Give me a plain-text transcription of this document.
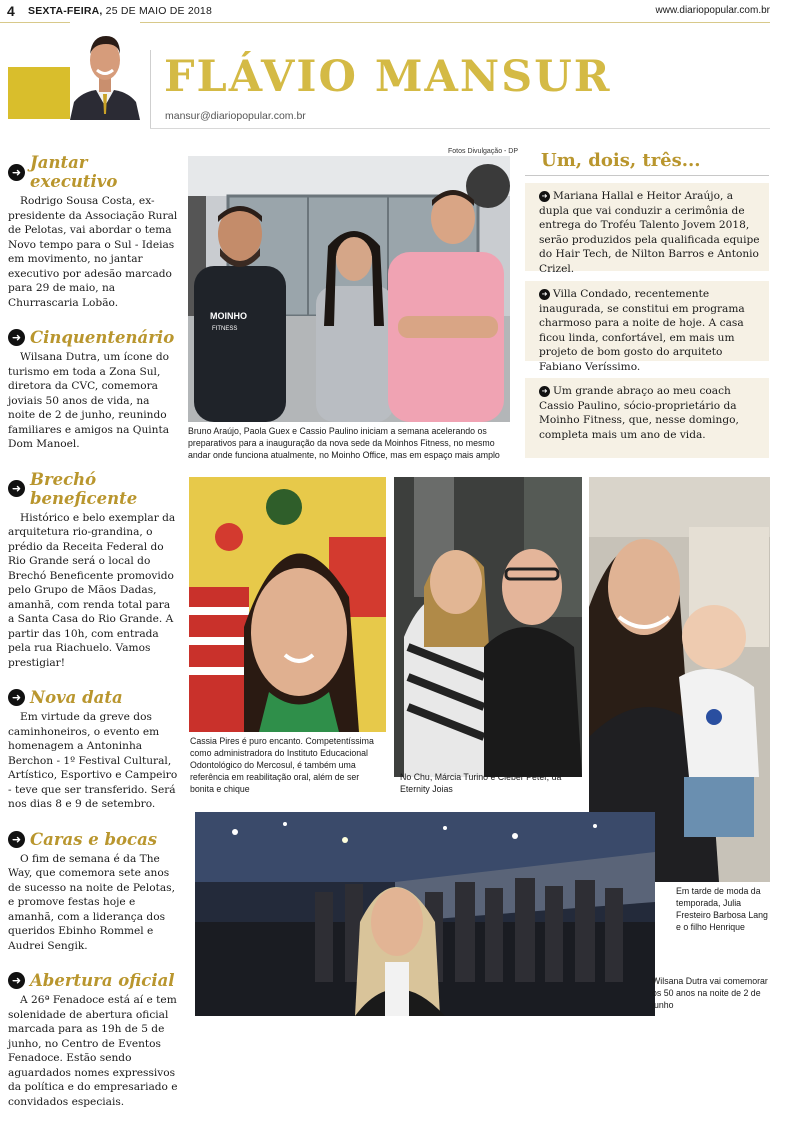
4 SEXTA-FEIRA, 25 DE MAIO DE 2018	www.diariopopular.com.br
FLÁVIO MANSUR
mansur@diariopopular.com.br
➜ Jantar executivo

Rodrigo Sousa Costa, ex-presidente da Associação Rural de Pelotas, vai abordar o tema Novo tempo para o Sul - Ideias em movimento, no jantar executivo por adesão marcado para 29 de maio, na Churrascaria Lobão.

➜ Cinquentenário

Wilsana Dutra, um ícone do turismo em toda a Zona Sul, diretora da CVC, comemora joviais 50 anos de vida, na noite de 2 de junho, reunindo familiares e amigos na Quinta Dom Manoel.

➜ Brechó beneficente

Histórico e belo exemplar da arquitetura rio-grandina, o prédio da Receita Federal do Rio Grande será o local do Brechó Beneficente promovido pelo Grupo de Mãos Dadas, amanhã, com renda total para a Santa Casa do Rio Grande. A partir das 10h, com entrada pela rua Riachuelo. Vamos prestigiar!

➜ Nova data

Em virtude da greve dos caminhoneiros, o evento em homenagem a Antoninha Berchon - 1º Festival Cultural, Artístico, Esportivo e Campeiro - teve que ser transferido. Será nos dias 8 e 9 de setembro.

➜ Caras e bocas

O fim de semana é da The Way, que comemora sete anos de sucesso na noite de Pelotas, e promove festas hoje e amanhã, com a liderança dos queridos Ebinho Rommel e Audrei Sengik.

➜ Abertura oficial

A 26ª Fenadoce está aí e tem solenidade de abertura oficial marcada para as 19h de 5 de junho, no Centro de Eventos Fenadoce. Estão sendo aguardados nomes expressivos da política e do empresariado e convidados especiais.

Fotos Divulgação - DP
MOINHO
FITNESS
Bruno Araújo, Paola Guex e Cassio Paulino iniciam a semana acelerando os preparativos para a inauguração da nova sede da Moinhos Fitness, no mesmo andar onde funciona atualmente, no Moinho Office, mas em espaço mais amplo
Um, dois, três...
➜ Mariana Hallal e Heitor Araújo, a dupla que vai conduzir a cerimônia de entrega do Troféu Talento Jovem 2018, serão produzidos pela qualificada equipe do Hair Tech, de Nilton Barros e Antonio Crizel.
➜ Villa Condado, recentemente inaugurada, se constitui em programa charmoso para a noite de hoje. A casa ficou linda, confortável, em mais um projeto de bom gosto do arquiteto Fabiano Veríssimo.
➜ Um grande abraço ao meu coach Cassio Paulino, sócio-proprietário da Moinho Fitness, que, nesse domingo, completa mais um ano de vida.
Cassia Pires é puro encanto. Competentíssima como administradora do Instituto Educacional Odontológico do Mercosul, é também uma referência em reabilitação oral, além de ser bonita e chique
No Chu, Márcia Turino e Cleber Peter, da Eternity Joias
Em tarde de moda da temporada, Julia Fresteiro Barbosa Lang e o filho Henrique
Wilsana Dutra vai comemorar os 50 anos na noite de 2 de junho
